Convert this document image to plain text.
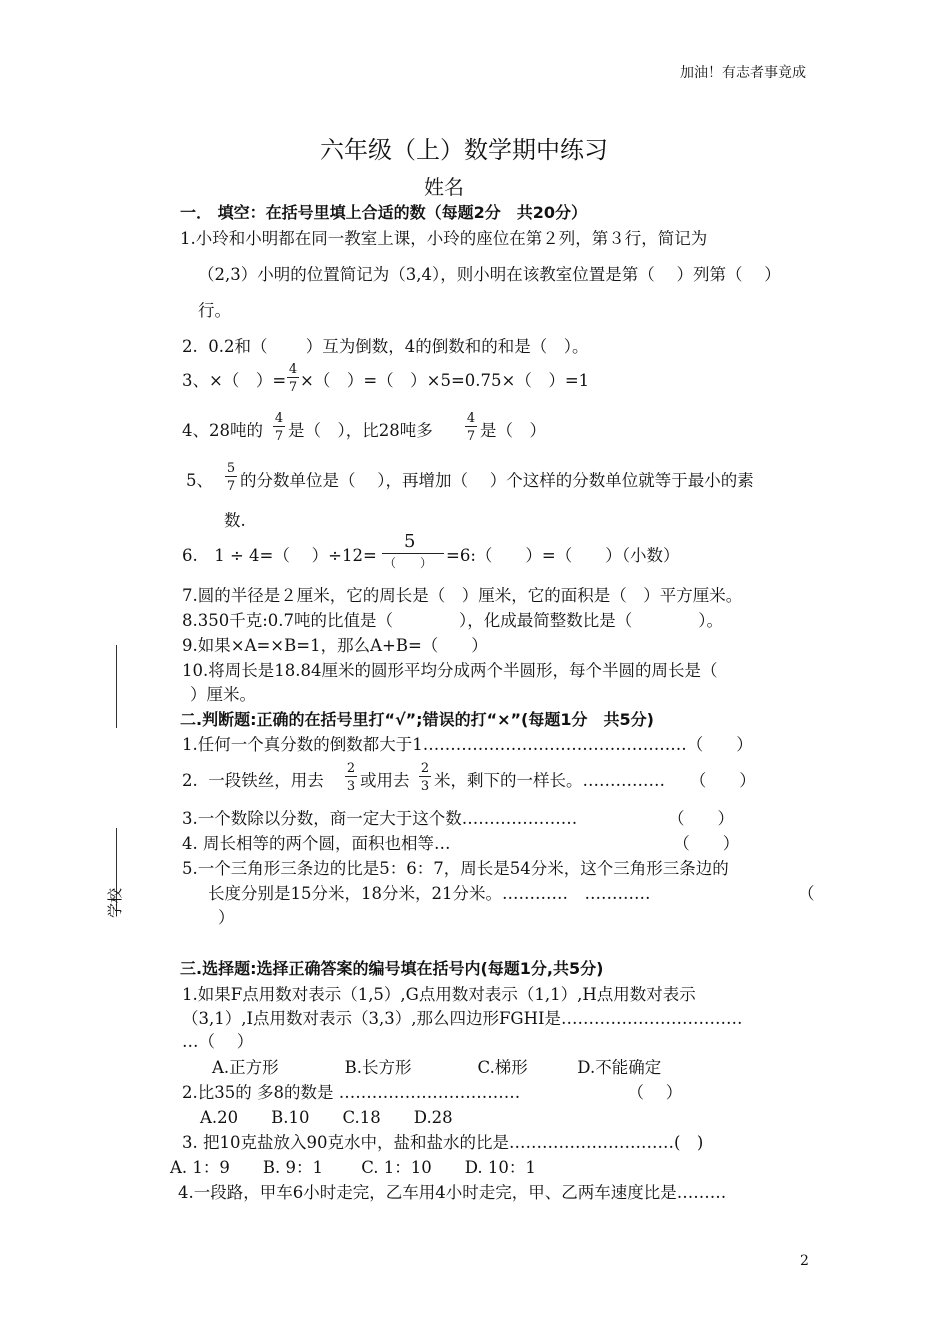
加油！有志者事竟成
六年级（上）数学期中练习
姓名
一． 填空：在括号里填上合适的数（每题2分　共20分）
1.小玲和小明都在同一教室上课，小玲的座位在第２列，第３行，简记为
（2,3）小明的位置简记为（3,4），则小明在该教室位置是第（　 ）列第（　 ）
行。
2.  0.2和（　　 ）互为倒数，4的倒数和的和是（　）。
3、×（　）=
4
7 ×（　）=（　）×5=0.75×（　）=1
4、28吨的
4
7 是（　），比28吨多
4
7 是（　）
5、
5
7 的分数单位是（　 ），再增加（　 ）个这样的分数单位就等于最小的素
数.
6.　1 ÷ 4=（　 ）÷12=
5
（　　） =6:（　　）=（　　）（小数）
7.圆的半径是２厘米，它的周长是（　）厘米，它的面积是（　）平方厘米。
8.350千克:0.7吨的比值是（　　　　），化成最简整数比是（　　　　）。
9.如果×A=×B=1，那么A+B=（　　）
10.将周长是18.84厘米的圆形平均分成两个半圆形，每个半圆的周长是（
）厘米。
二.判断题:正确的在括号里打“√”;错误的打“×”(每题1分　共5分)
1.任何一个真分数的倒数都大于1…………………………………………（　　）
2.  一段铁丝，用去
2
3 或用去
2
3 米，剩下的一样长。……………　　（　　）
3.一个数除以分数，商一定大于这个数…………………　　　　　　（　　）
4. 周长相等的两个圆，面积也相等…　　　　　　　　　　　　　　（　　）
5.一个三角形三条边的比是5：6：7，周长是54分米，这个三角形三条边的
长度分别是15分米，18分米，21分米。…………　…………	（
）
三.选择题:选择正确答案的编号填在括号内(每题1分,共5分)
1.如果F点用数对表示（1,5）,G点用数对表示（1,1）,H点用数对表示
（3,1）,I点用数对表示（3,3）,那么四边形FGHI是……………………………
…（　 ）
A.正方形　　　　B.长方形　　　　C.梯形　　　D.不能确定
2.比35的 多8的数是 ……………………………　　　　　　　（　 ）
A.20　　B.10　　C.18　　D.28
3. 把10克盐放入90克水中，盐和盐水的比是…………………………(　)
A. 1：9　　B. 9：1　　 C. 1：10　　D. 10：1
4.一段路，甲车6小时走完，乙车用4小时走完，甲、乙两车速度比是………
学校
2
